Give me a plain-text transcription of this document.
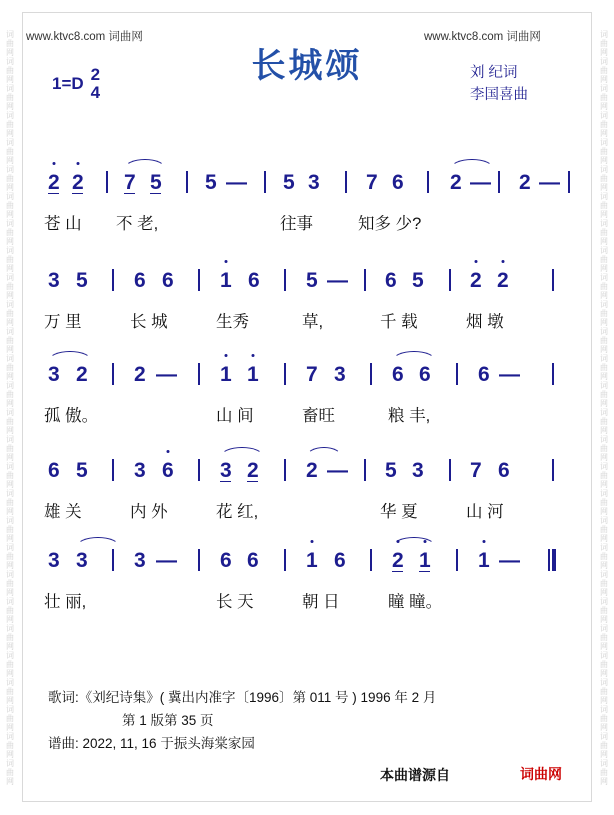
词曲网词曲网词曲网词曲网词曲网词曲网词曲网词曲网词曲网词曲网词曲网词曲网词曲网词曲网词曲网词曲网词曲网词曲网词曲网词曲网词曲网词曲网词曲网词曲网词曲网词曲网词曲网词曲网
词曲网词曲网词曲网词曲网词曲网词曲网词曲网词曲网词曲网词曲网词曲网词曲网词曲网词曲网词曲网词曲网词曲网词曲网词曲网词曲网词曲网词曲网词曲网词曲网词曲网词曲网词曲网词曲网
www.ktvc8.com 词曲网	www.ktvc8.com 词曲网
长城颂
1=D 2
4
刘 纪词
李国喜曲
2 2 7 5 5 — 5 3 7 6 2 — 2 —
苍 山 不 老,	往事	知多 少?
3 5 6 6 1 6 5 — 6 5 2 2
万 里	长 城	生秀	草,	千 载	烟 墩
3 2 2 — 1 1 7 3 6 6 6 —
孤 傲。	山 间	畜旺	粮 丰,
6 5 3 6 3 2 2 — 5 3 7 6
雄 关	内 外	花 红,	华 夏	山 河
3 3 3 — 6 6 1 6 2 1 1 —
壮 丽,	长 天	朝 日	瞳 瞳。
歌词:《刘纪诗集》( 冀出内准字〔1996〕第 011 号 ) 1996 年 2 月
第 1 版第 35 页
谱曲: 2022, 11, 16 于振头海棠家园
本曲谱源自	词曲网
